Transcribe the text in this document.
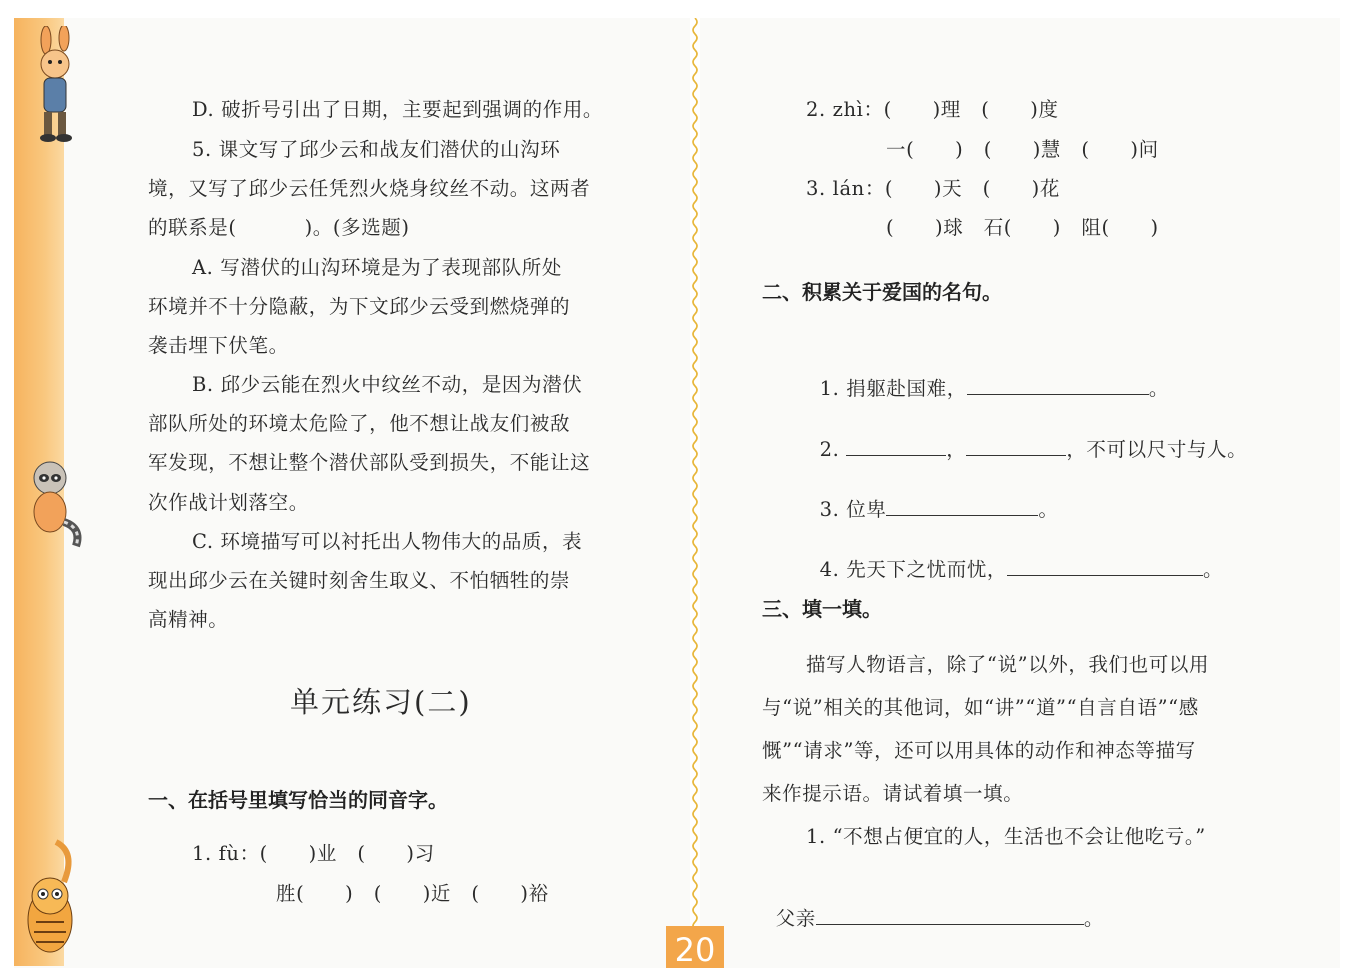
D. 破折号引出了日期，主要起到强调的作用。
5. 课文写了邱少云和战友们潜伏的山沟环
境，又写了邱少云任凭烈火烧身纹丝不动。这两者
的联系是(          )。(多选题)
A. 写潜伏的山沟环境是为了表现部队所处
环境并不十分隐蔽，为下文邱少云受到燃烧弹的
袭击埋下伏笔。
B. 邱少云能在烈火中纹丝不动，是因为潜伏
部队所处的环境太危险了，他不想让战友们被敌
军发现，不想让整个潜伏部队受到损失，不能让这
次作战计划落空。
C. 环境描写可以衬托出人物伟大的品质，表
现出邱少云在关键时刻舍生取义、不怕牺牲的崇
高精神。
单元练习(二)
一、在括号里填写恰当的同音字。
1. fù：(      )业   (      )习
胜(      )   (      )近   (      )裕
2. zhì：(      )理   (      )度
一(      )   (      )慧   (      )问
3. lán：(      )天   (      )花
(      )球   石(      )   阻(      )
二、积累关于爱国的名句。

1. 捐躯赴国难，	。

2.	，	，不可以尺寸与人。

3. 位卑	。

4. 先天下之忧而忧，	。

三、填一填。
描写人物语言，除了“说”以外，我们也可以用
与“说”相关的其他词，如“讲”“道”“自言自语”“感
慨”“请求”等，还可以用具体的动作和神态等描写
来作提示语。请试着填一填。
1. “不想占便宜的人，生活也不会让他吃亏。”

父亲	。

20
